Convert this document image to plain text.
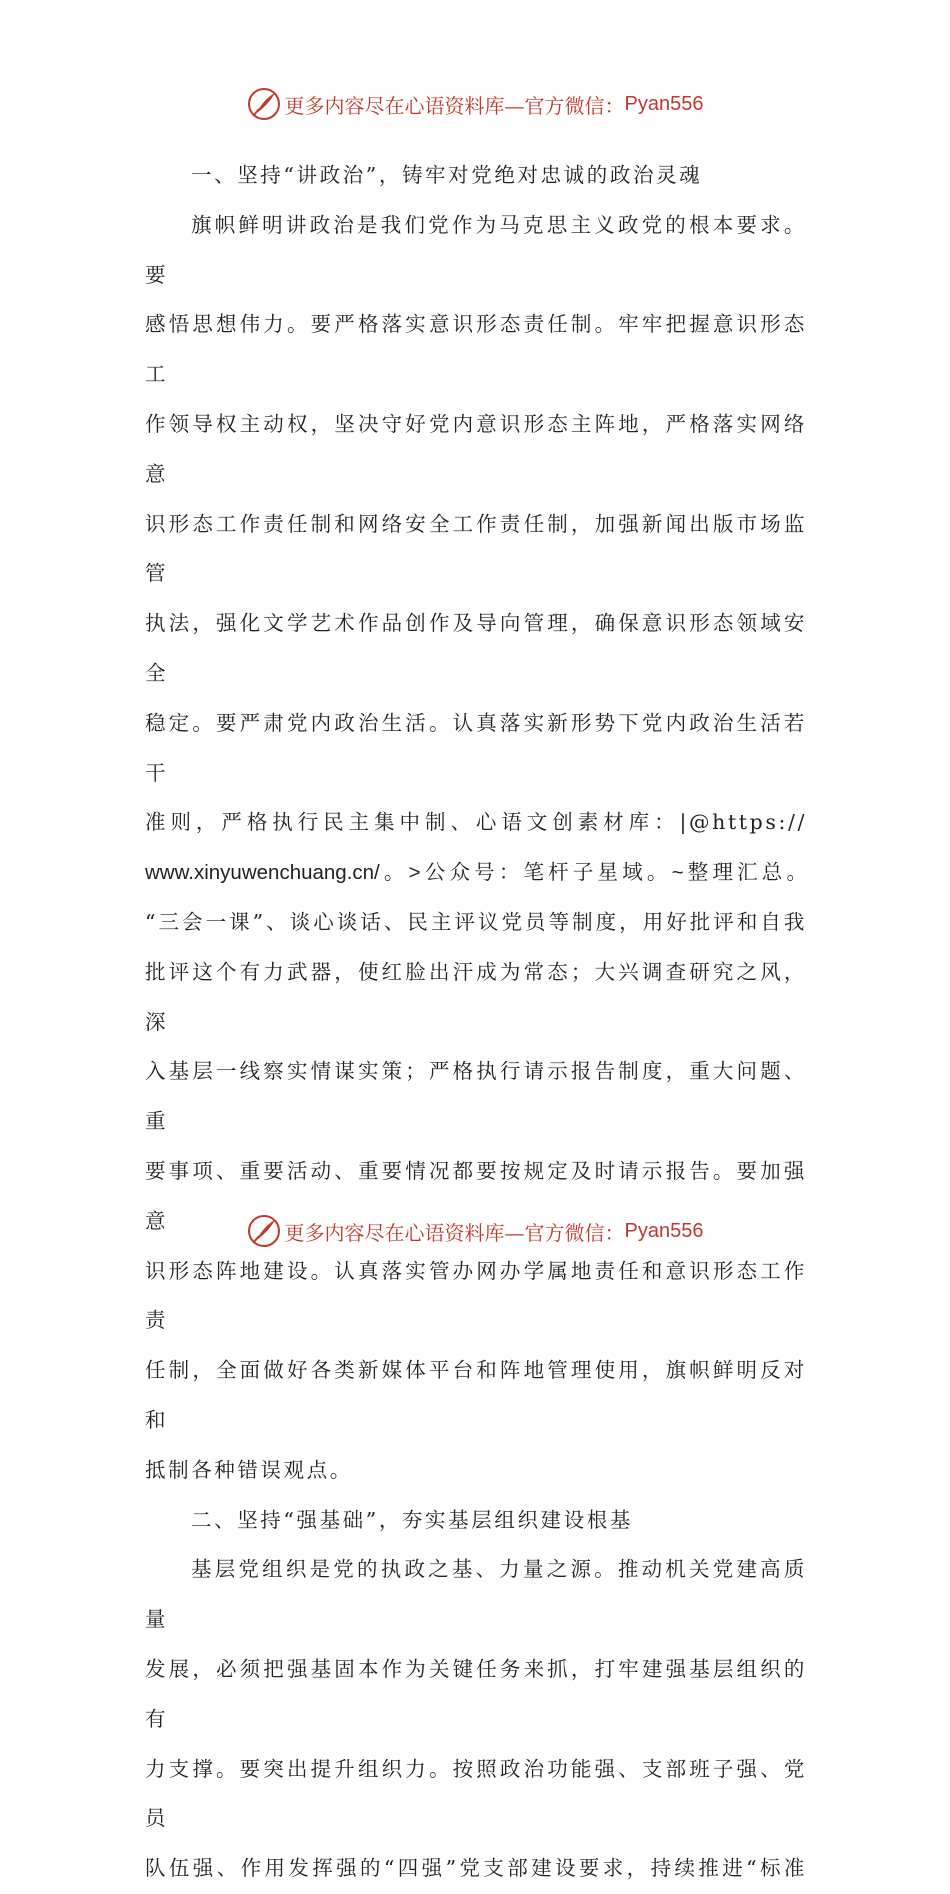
更多内容尽在心语资料库—官方微信： Pyan556

一、坚持“讲政治”，铸牢对党绝对忠诚的政治灵魂

旗帜鲜明讲政治是我们党作为马克思主义政党的根本要求。要

感悟思想伟力。要严格落实意识形态责任制。牢牢把握意识形态工

作领导权主动权，坚决守好党内意识形态主阵地，严格落实网络意

识形态工作责任制和网络安全工作责任制，加强新闻出版市场监管

执法，强化文学艺术作品创作及导向管理，确保意识形态领域安全

稳定。要严肃党内政治生活。认真落实新形势下党内政治生活若干

准则，严格执行民主集中制、心语文创素材库：|@https://

www.xinyuwenchuang.cn/。>公众号：笔杆子星域。~整理汇总。

“三会一课”、谈心谈话、民主评议党员等制度，用好批评和自我

批评这个有力武器，使红脸出汗成为常态；大兴调查研究之风，深

入基层一线察实情谋实策；严格执行请示报告制度，重大问题、重

要事项、重要活动、重要情况都要按规定及时请示报告。要加强意

识形态阵地建设。认真落实管办网办学属地责任和意识形态工作责

任制，全面做好各类新媒体平台和阵地管理使用，旗帜鲜明反对和

抵制各种错误观点。

二、坚持“强基础”，夯实基层组织建设根基

基层党组织是党的执政之基、力量之源。推动机关党建高质量

发展，必须把强基固本作为关键任务来抓，打牢建强基层组织的有

力支撑。要突出提升组织力。按照政治功能强、支部班子强、党员

队伍强、作用发挥强的“四强”党支部建设要求，持续推进“标准

更多内容尽在心语资料库—官方微信： Pyan556
